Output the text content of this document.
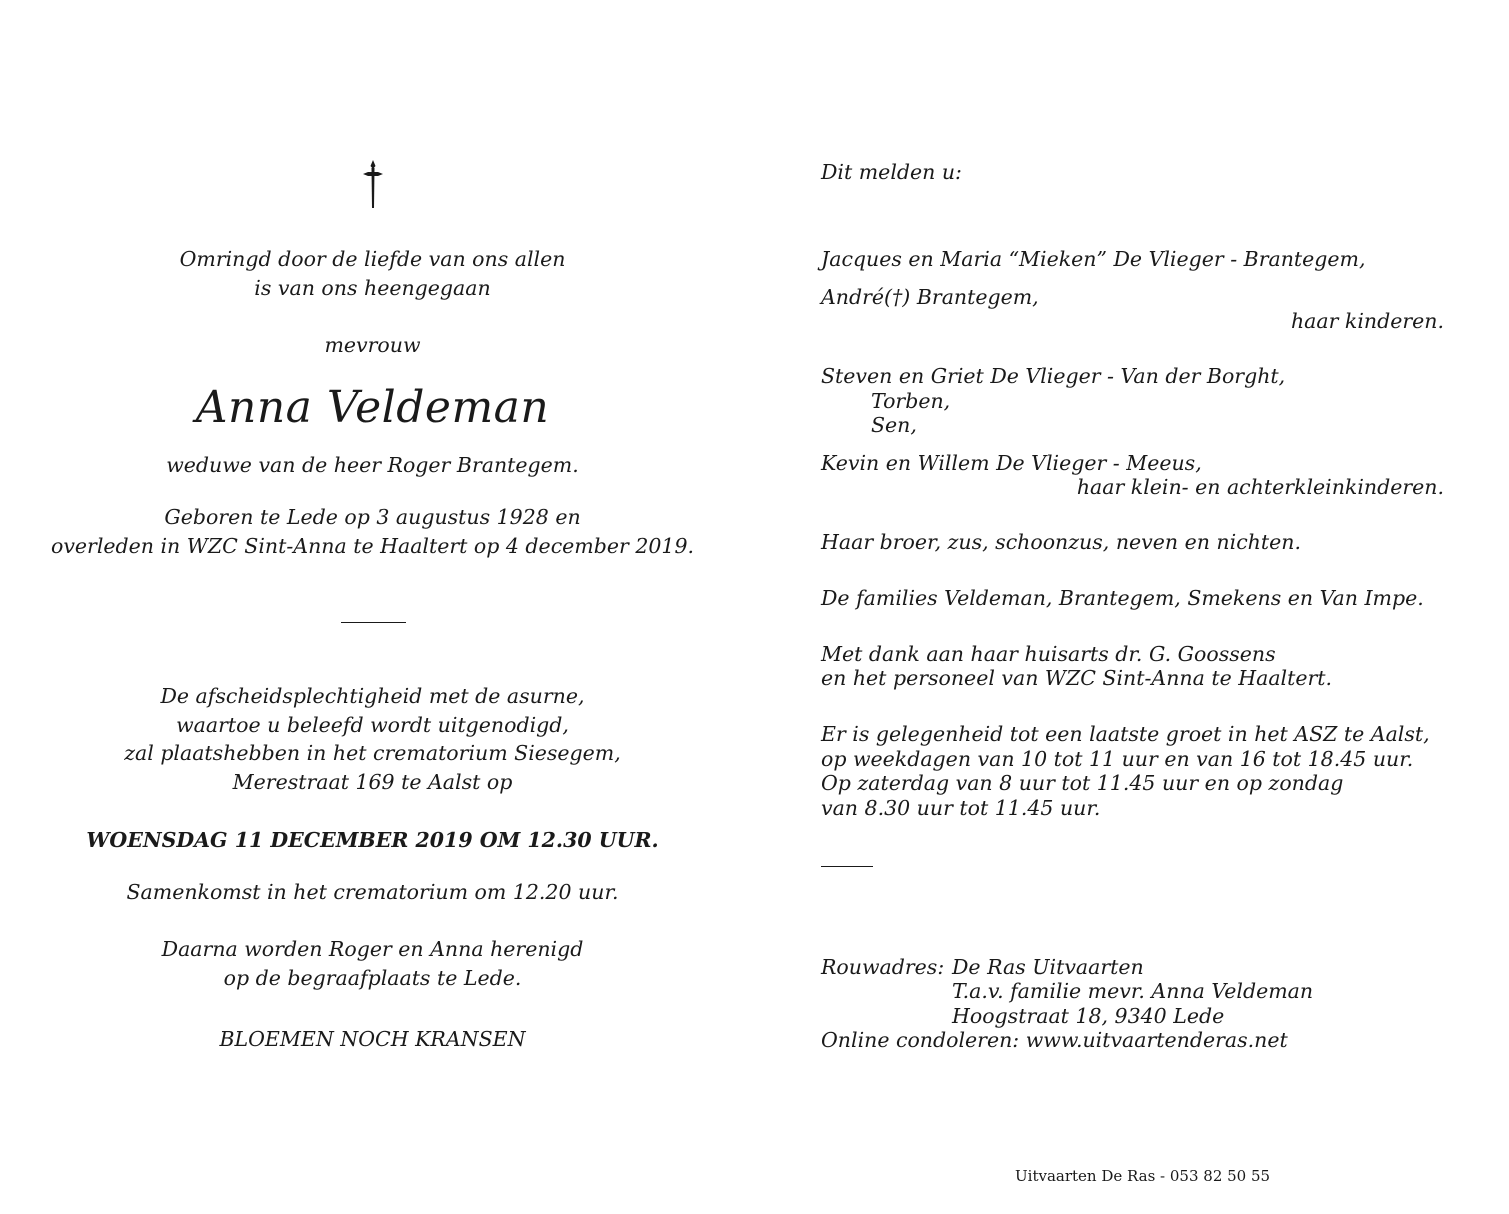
Omringd door de liefde van ons allen
is van ons heengegaan
mevrouw
Anna Veldeman
weduwe van de heer Roger Brantegem.
Geboren te Lede op 3 augustus 1928 en
overleden in WZC Sint-Anna te Haaltert op 4 december 2019.
De afscheidsplechtigheid met de asurne,
waartoe u beleefd wordt uitgenodigd,
zal plaatshebben in het crematorium Siesegem,
Merestraat 169 te Aalst op
WOENSDAG 11 DECEMBER 2019 OM 12.30 UUR.
Samenkomst in het crematorium om 12.20 uur.
Daarna worden Roger en Anna herenigd
op de begraafplaats te Lede.
BLOEMEN NOCH KRANSEN
Dit melden u:
Jacques en Maria “Mieken” De Vlieger - Brantegem,
André(†) Brantegem,
haar kinderen.
Steven en Griet De Vlieger - Van der Borght,
Torben,
Sen,
Kevin en Willem De Vlieger - Meeus,
haar klein- en achterkleinkinderen.
Haar broer, zus, schoonzus, neven en nichten.
De families Veldeman, Brantegem, Smekens en Van Impe.
Met dank aan haar huisarts dr. G. Goossens
en het personeel van WZC Sint-Anna te Haaltert.
Er is gelegenheid tot een laatste groet in het ASZ te Aalst,
op weekdagen van 10 tot 11 uur en van 16 tot 18.45 uur.
Op zaterdag van 8 uur tot 11.45 uur en op zondag
van 8.30 uur tot 11.45 uur.
Rouwadres: De Ras Uitvaarten
T.a.v. familie mevr. Anna Veldeman
Hoogstraat 18, 9340 Lede
Online condoleren: www.uitvaartenderas.net
Uitvaarten De Ras - 053 82 50 55
